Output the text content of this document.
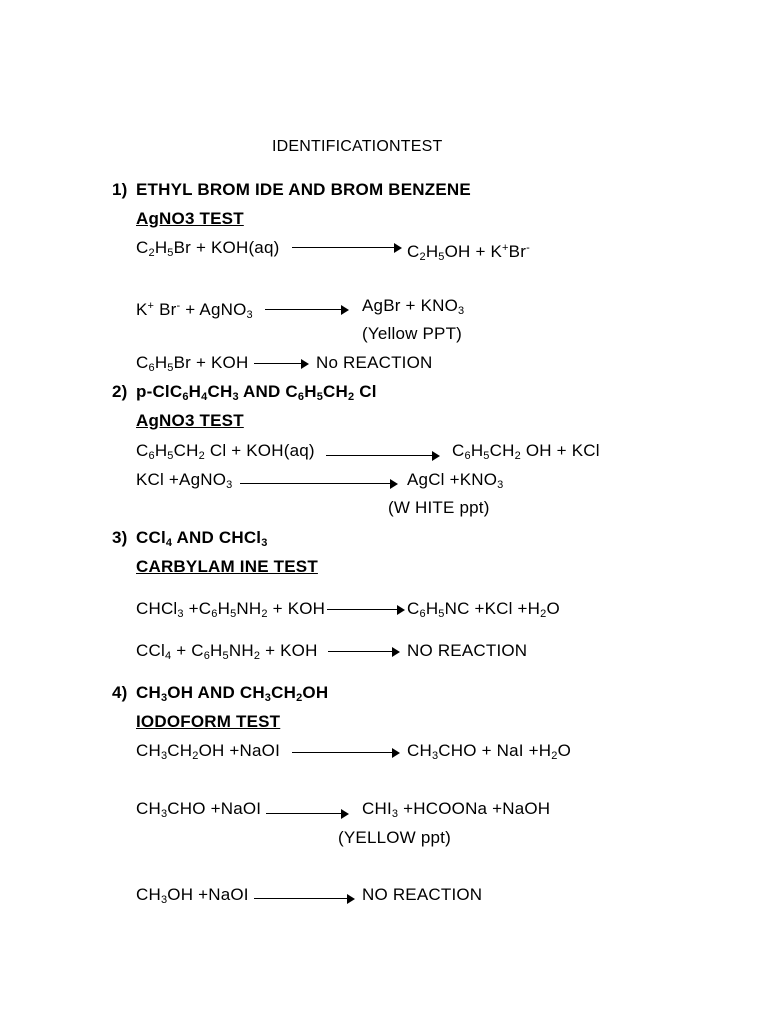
IDENTIFICATIONTEST
1) ETHYL BROM IDE AND BROM BENZENE
AgNO3 TEST
$C_2H_5Br + KOH(aq)$	$C_2H_5OH + K^+Br^-$
K+ Br- + AgNO$_3$	AgBr + $KNO_3$
(Yellow PPT)
$C_6H_5Br$ + KOH	No REACTION
2) $p-ClC_6H_4CH_3$ AND $C_6H_5CH_2$ Cl
AgNO3 TEST
$C_6H_5CH_2$ Cl + KOH(aq)	$C_6H_5CH_2$ OH + KCl
KCl +AgNO$_3$	AgCl $+KNO_3$
(W HITE ppt)
3) CCl$_4$ AND CHCl$_3$
CARBYLAM INE TEST
CHCl$_3$ $+C_6H_5NH_2$ + KOH	$C_6H_5NC +KCl +H_2O$
$CCl_4 + C_6H_5NH_2$ + KOH	NO REACTION
4) $CH_3OH$ AND $CH_3CH_2OH$
IODOFORM TEST
$CH_3CH_2OH$ +NaOI	$CH_3CHO$ + NaI $+H_2O$
$CH_3CHO$ +NaOI	$CHI_3$ +HCOONa +NaOH
(YELLOW ppt)
$CH_3OH$ +NaOI	NO REACTION
